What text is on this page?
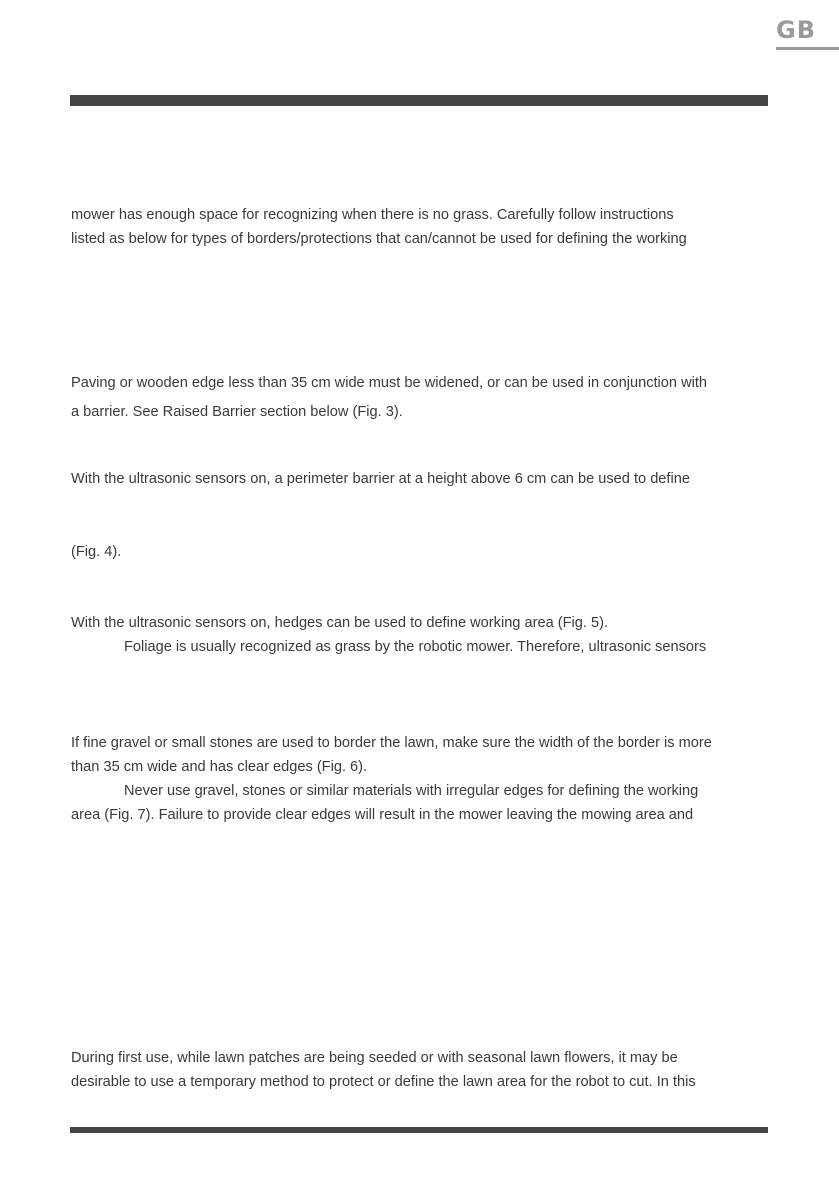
GB
mower has enough space for recognizing when there is no grass. Carefully follow instructions
listed as below for types of borders/protections that can/cannot be used for defining the working
Paving or wooden edge less than 35 cm wide must be widened, or can be used in conjunction with
a barrier. See Raised Barrier section below (Fig. 3).
With the ultrasonic sensors on, a perimeter barrier at a height above 6 cm can be used to define
(Fig. 4).
With the ultrasonic sensors on, hedges can be used to define working area (Fig. 5).
Foliage is usually recognized as grass by the robotic mower. Therefore, ultrasonic sensors
If fine gravel or small stones are used to border the lawn, make sure the width of the border is more
than 35 cm wide and has clear edges (Fig. 6).
Never use gravel, stones or similar materials with irregular edges for defining the working
area (Fig. 7). Failure to provide clear edges will result in the mower leaving the mowing area and
During first use, while lawn patches are being seeded or with seasonal lawn flowers, it may be
desirable to use a temporary method to protect or define the lawn area for the robot to cut. In this
